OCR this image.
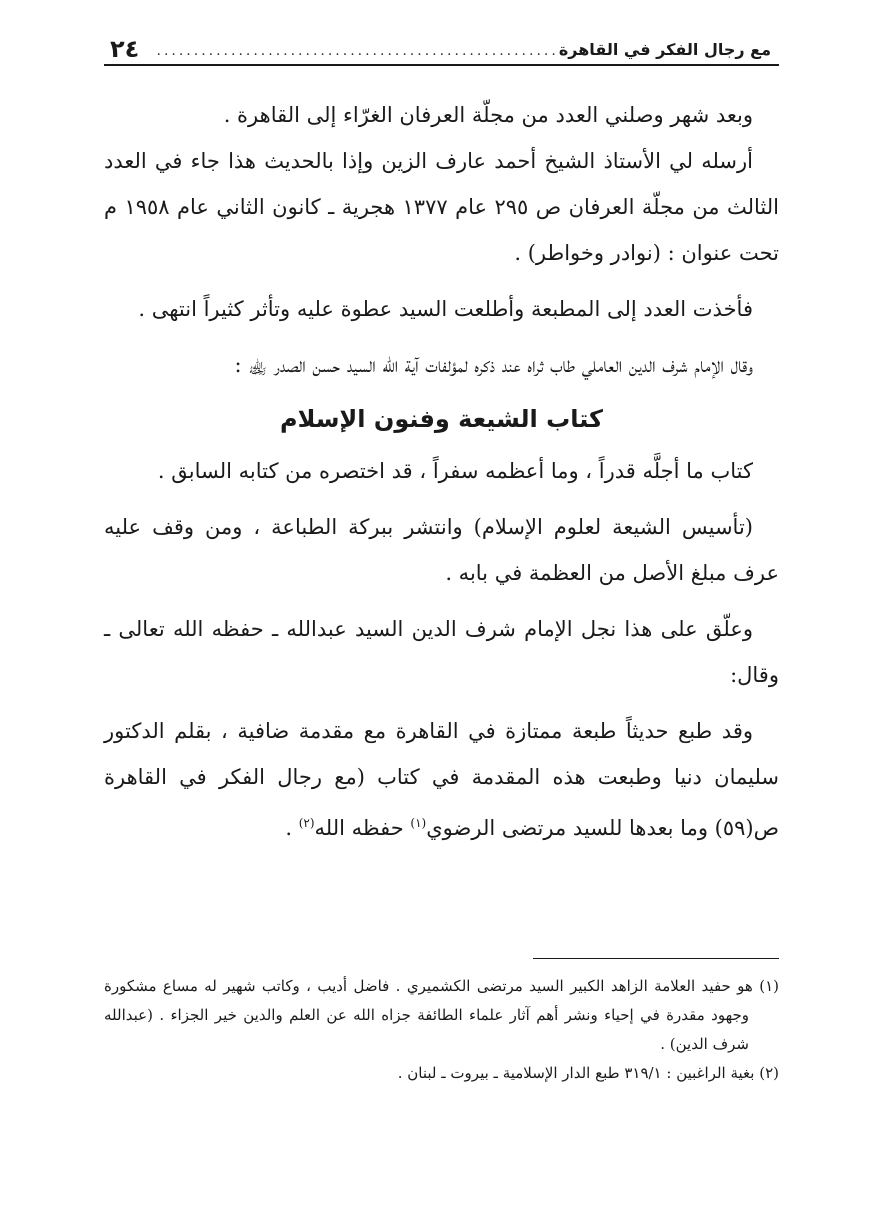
مع رجال الفكر في القاهرة
......................................................
٢٤

وبعد شهر وصلني العدد من مجلّة العرفان الغرّاء إلى القاهرة .

أرسله لي الأستاذ الشيخ أحمد عارف الزين وإذا بالحديث هذا جاء في العدد الثالث من مجلّة العرفان ص ٢٩٥ عام ١٣٧٧ هجرية ـ كانون الثاني عام ١٩٥٨ م تحت عنوان : (نوادر وخواطر) .

فأخذت العدد إلى المطبعة وأطلعت السيد عطوة عليه وتأثر كثيراً انتهى .

وقال الإمام شرف الدين العاملي طاب ثراه عند ذكره لمؤلفات آية الله السيد حسن الصدر ﵀ :

كتاب الشيعة وفنون الإسلام

كتاب ما أجلَّه قدراً ، وما أعظمه سفراً ، قد اختصره من كتابه السابق .

(تأسيس الشيعة لعلوم الإسلام) وانتشر ببركة الطباعة ، ومن وقف عليه عرف مبلغ الأصل من العظمة في بابه .

وعلّق على هذا نجل الإمام شرف الدين السيد عبدالله ـ حفظه الله تعالى ـ وقال:

وقد طبع حديثاً طبعة ممتازة في القاهرة مع مقدمة ضافية ، بقلم الدكتور سليمان دنيا وطبعت هذه المقدمة في كتاب (مع رجال الفكر في القاهرة ص(٥٩) وما بعدها للسيد مرتضى الرضوي$^{(١)}$ حفظه الله$^{(٢)}$ .

(١) هو حفيد العلامة الزاهد الكبير السيد مرتضى الكشميري . فاضل أديب ، وكاتب شهير له مساع مشكورة وجهود مقدرة في إحياء ونشر أهم آثار علماء الطائفة جزاه الله عن العلم والدين خير الجزاء . (عبدالله شرف الدين) .

(٢) بغية الراغبين : ٣١٩/١ طبع الدار الإسلامية ـ بيروت ـ لبنان .
